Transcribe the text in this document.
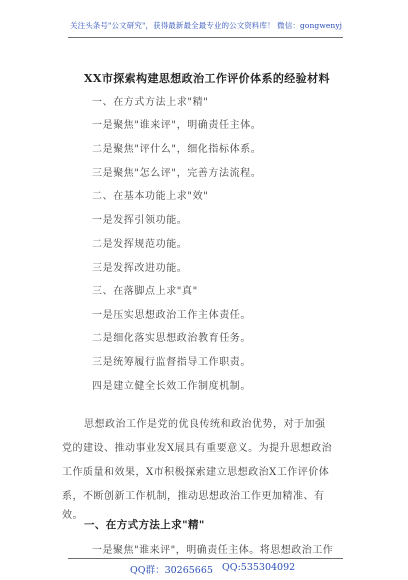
关注头条号"公文研究"，获得最新最全最专业的公文资料库！ 微信：gongwenyj
XX市探索构建思想政治工作评价体系的经验材料
一、在方式方法上求"精"
一是聚焦"谁来评"，明确责任主体。
二是聚焦"评什么"，细化指标体系。
三是聚焦"怎么评"，完善方法流程。
二、在基本功能上求"效"
一是发挥引领功能。
二是发挥规范功能。
三是发挥改进功能。
三、在落脚点上求"真"
一是压实思想政治工作主体责任。
二是细化落实思想政治教育任务。
三是统筹履行监督指导工作职责。
四是建立健全长效工作制度机制。
思想政治工作是党的优良传统和政治优势，对于加强
党的建设、推动事业发X展具有重要意义。为提升思想政治
工作质量和效果，X市积极探索建立思想政治X工作评价体
系，不断创新工作机制，推动思想政治工作更加精准、有
效。
一、在方式方法上求"精"
一是聚焦"谁来评"，明确责任主体。将思想政治工作
QQ群：30265665 QQ:535304092
